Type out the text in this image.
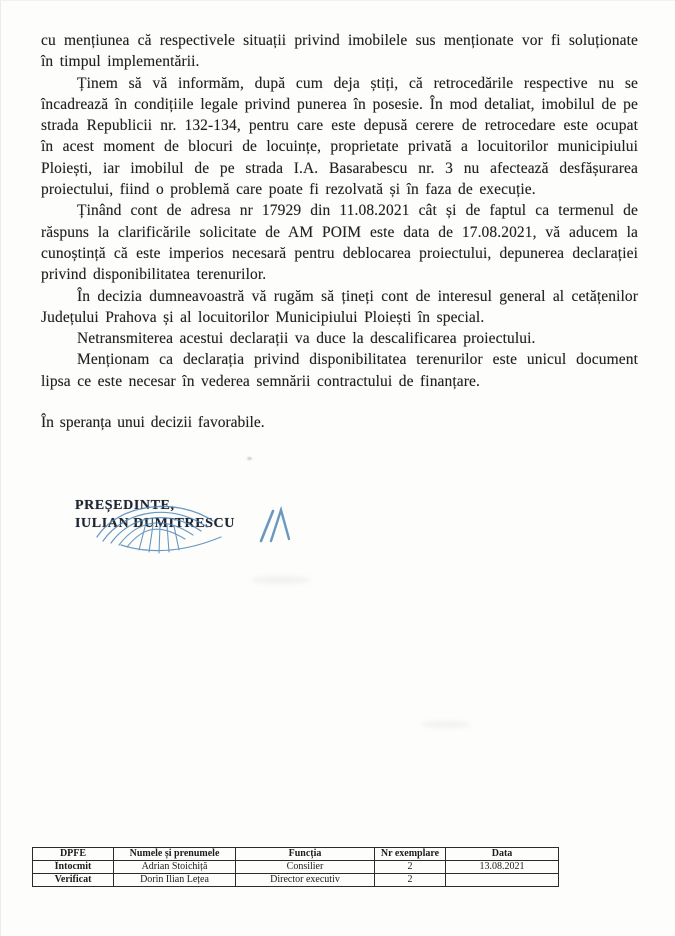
cu mențiunea că respectivele situații privind imobilele sus menționate vor fi soluționate în timpul implementării.

Ținem să vă informăm, după cum deja știți, că retrocedările respective nu se încadrează în condițiile legale privind punerea în posesie. În mod detaliat, imobilul de pe strada Republicii nr. 132-134, pentru care este depusă cerere de retrocedare este ocupat în acest moment de blocuri de locuințe, proprietate privată a locuitorilor municipiului Ploiești, iar imobilul de pe strada I.A. Basarabescu nr. 3 nu afectează desfășurarea proiectului, fiind o problemă care poate fi rezolvată și în faza de execuție.

Ținând cont de adresa nr 17929 din 11.08.2021 cât și de faptul ca termenul de răspuns la clarificările solicitate de AM POIM este data de 17.08.2021, vă aducem la cunoștință că este imperios necesară pentru deblocarea proiectului, depunerea declarației privind disponibilitatea terenurilor.

În decizia dumneavoastră vă rugăm să țineți cont de interesul general al cetățenilor Județului Prahova și al locuitorilor Municipiului Ploiești în special.

Netransmiterea acestui declarații va duce la descalificarea proiectului.

Menționam ca declarația privind disponibilitatea terenurilor este unicul document lipsa ce este necesar în vederea semnării contractului de finanțare.

În speranța unui decizii favorabile.

PREȘEDINTE,
IULIAN DUMITRESCU
DPFE	Numele și prenumele	Funcția	Nr exemplare	Data
Întocmit	Adrian Stoichiță	Consilier	2	13.08.2021
Verificat	Dorin Ilian Lețea	Director executiv	2	
